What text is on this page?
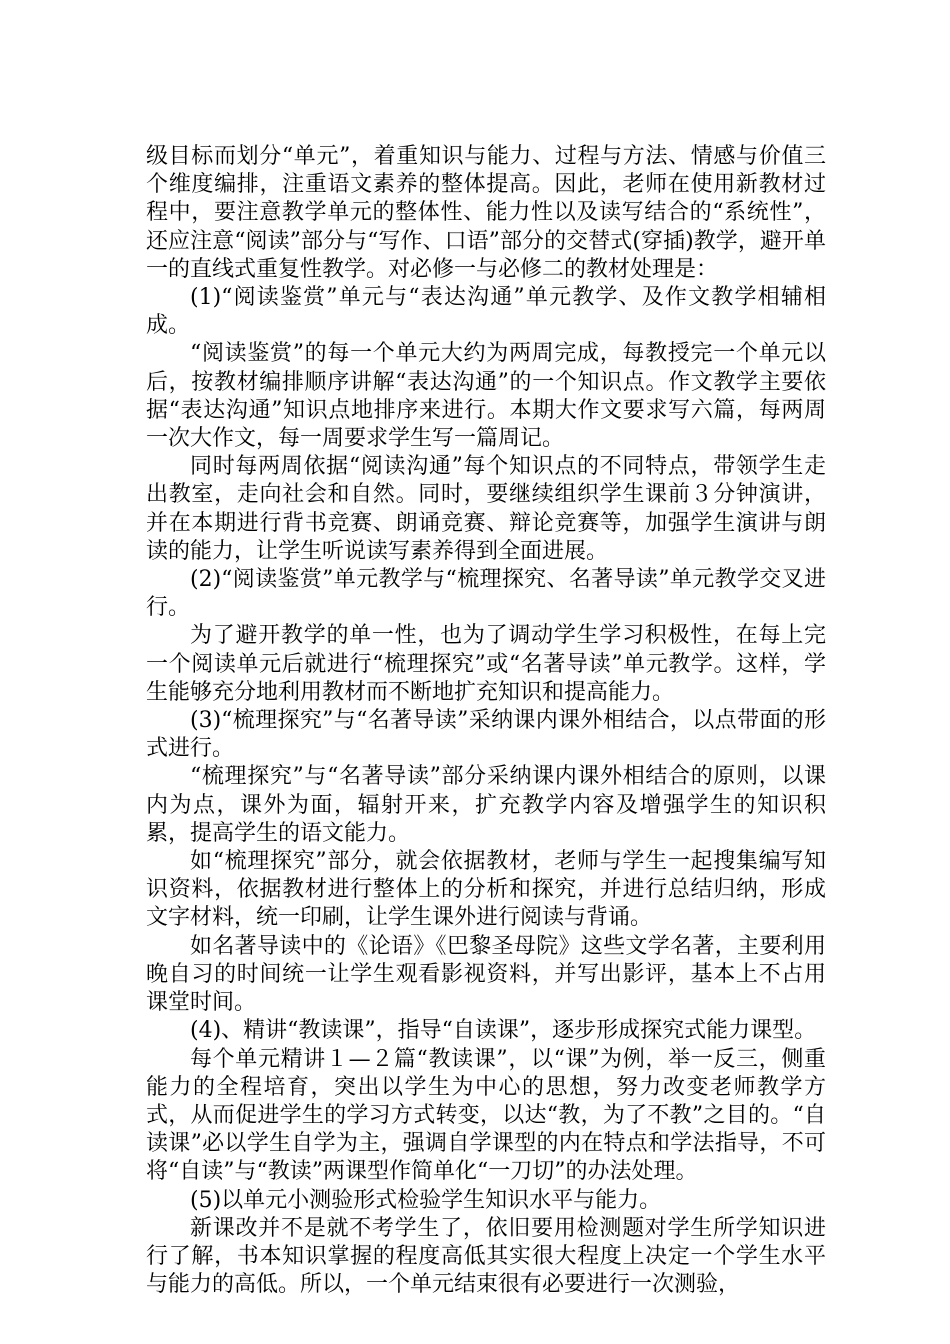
级目标而划分“单元”，着重知识与能力、过程与方法、情感与价值三个维度编排，注重语文素养的整体提高。因此，老师在使用新教材过程中，要注意教学单元的整体性、能力性以及读写结合的“系统性”，还应注意“阅读”部分与“写作、口语”部分的交替式(穿插)教学，避开单一的直线式重复性教学。对必修一与必修二的教材处理是：

(1)“阅读鉴赏”单元与“表达沟通”单元教学、及作文教学相辅相成。

“阅读鉴赏”的每一个单元大约为两周完成，每教授完一个单元以后，按教材编排顺序讲解“表达沟通”的一个知识点。作文教学主要依据“表达沟通”知识点地排序来进行。本期大作文要求写六篇，每两周一次大作文，每一周要求学生写一篇周记。

同时每两周依据“阅读沟通”每个知识点的不同特点，带领学生走出教室，走向社会和自然。同时，要继续组织学生课前３分钟演讲，并在本期进行背书竞赛、朗诵竞赛、辩论竞赛等，加强学生演讲与朗读的能力，让学生听说读写素养得到全面进展。

(2)“阅读鉴赏”单元教学与“梳理探究、名著导读”单元教学交叉进行。

为了避开教学的单一性，也为了调动学生学习积极性，在每上完一个阅读单元后就进行“梳理探究”或“名著导读”单元教学。这样，学生能够充分地利用教材而不断地扩充知识和提高能力。

(3)“梳理探究”与“名著导读”采纳课内课外相结合，以点带面的形式进行。

“梳理探究”与“名著导读”部分采纳课内课外相结合的原则，以课内为点，课外为面，辐射开来，扩充教学内容及增强学生的知识积累，提高学生的语文能力。

如“梳理探究”部分，就会依据教材，老师与学生一起搜集编写知识资料，依据教材进行整体上的分析和探究，并进行总结归纳，形成文字材料，统一印刷，让学生课外进行阅读与背诵。

如名著导读中的《论语》《巴黎圣母院》这些文学名著，主要利用晚自习的时间统一让学生观看影视资料，并写出影评，基本上不占用课堂时间。

(4)、精讲“教读课”，指导“自读课”，逐步形成探究式能力课型。

每个单元精讲１—２篇“教读课”，以“课”为例，举一反三，侧重能力的全程培育，突出以学生为中心的思想，努力改变老师教学方式，从而促进学生的学习方式转变，以达“教，为了不教”之目的。“自读课”必以学生自学为主，强调自学课型的内在特点和学法指导，不可将“自读”与“教读”两课型作简单化“一刀切”的办法处理。

(5)以单元小测验形式检验学生知识水平与能力。

新课改并不是就不考学生了，依旧要用检测题对学生所学知识进行了解，书本知识掌握的程度高低其实很大程度上决定一个学生水平与能力的高低。所以，一个单元结束很有必要进行一次测验，
